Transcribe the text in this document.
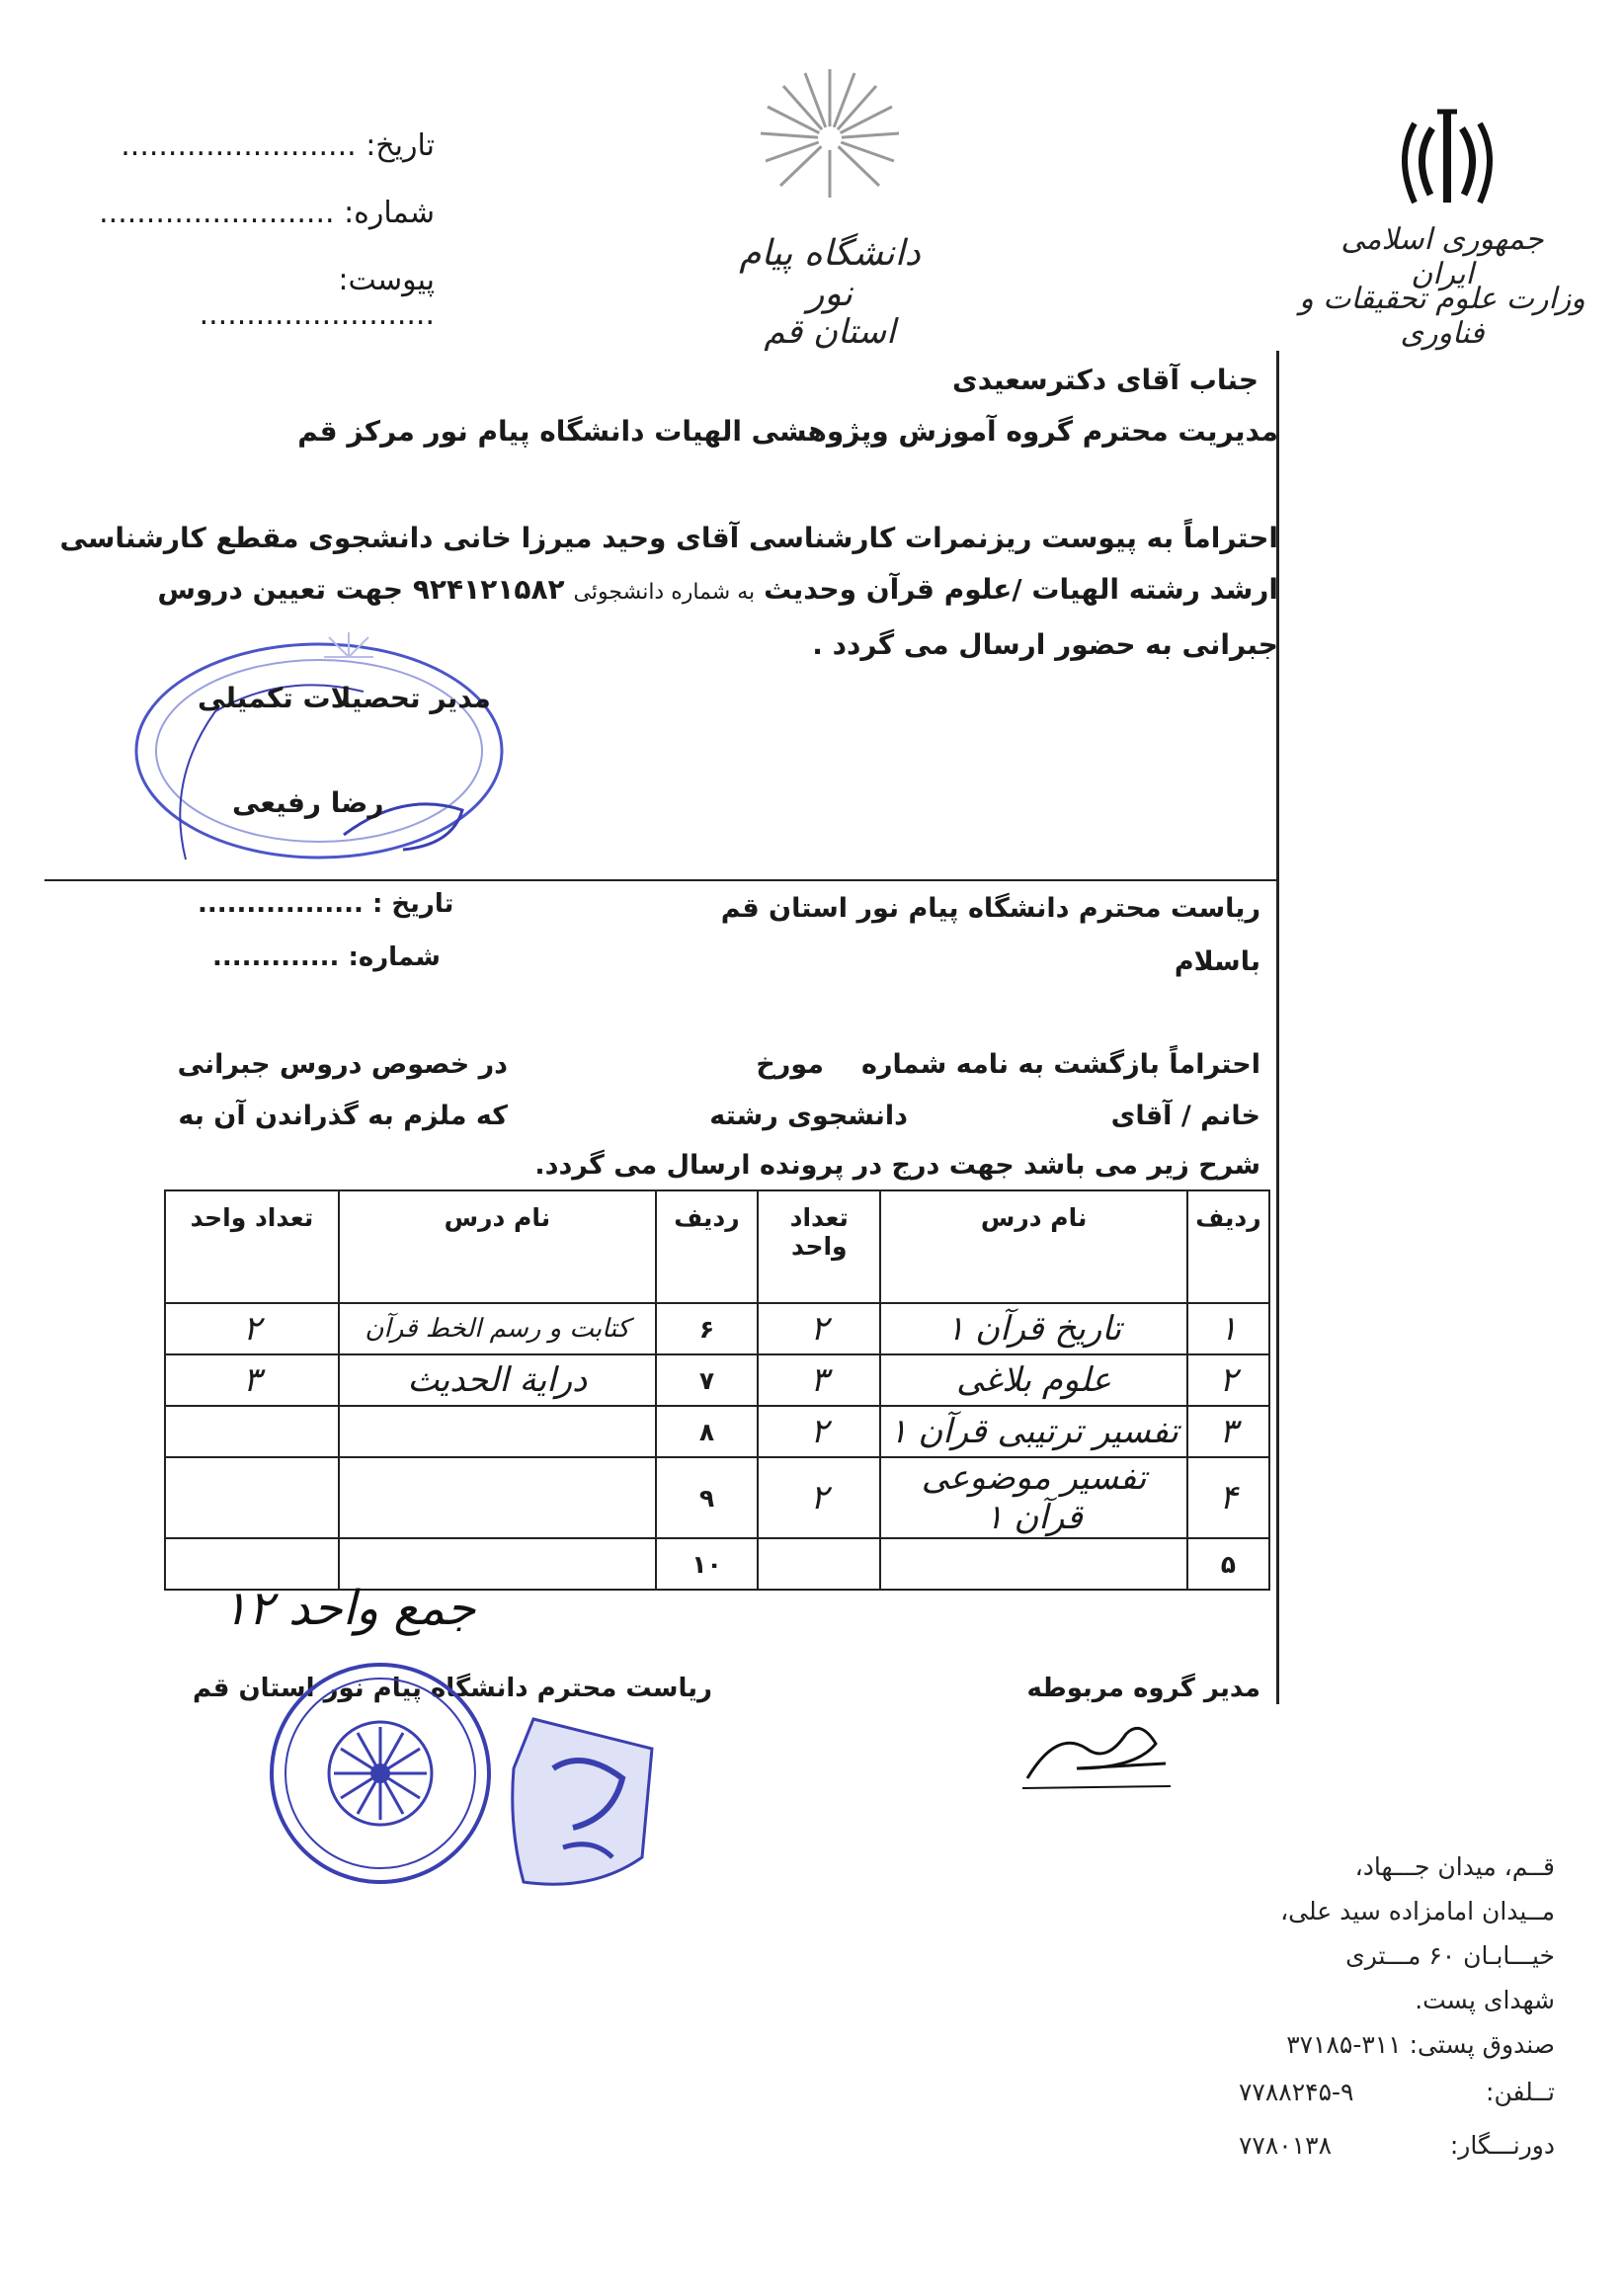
تاریخ: .........................
شماره: .........................
پیوست: .........................
دانشگاه پیام نور
استان قم
جمهوری اسلامی ایران
وزارت علوم تحقیقات و فناوری
جناب آقای دکترسعیدی
مدیریت محترم گروه آموزش وپژوهشی الهیات دانشگاه پیام نور مرکز قم
احتراماً به پیوست ریزنمرات کارشناسی آقای وحید میرزا خانی دانشجوی مقطع کارشناسی
ارشد رشته الهیات /علوم قرآن وحدیث به شماره دانشجوئی ۹۲۴۱۲۱۵۸۲ جهت تعیین دروس
جبرانی به حضور ارسال می گردد .
مدیر تحصیلات تکمیلی
رضا رفیعی
تاریخ : .................
شماره: .............
ریاست محترم دانشگاه پیام نور استان قم
باسلام
احتراماً بازگشت به نامه شماره
مورخ
در خصوص دروس جبرانی
خانم / آقای
دانشجوی رشته
که ملزم به گذراندن آن به
شرح زیر می باشد جهت درج در پرونده ارسال می گردد.
ردیف	نام درس	تعداد واحد	ردیف	نام درس	تعداد واحد
۱	تاریخ قرآن ۱	۲	۶	کتابت و رسم الخط قرآن	۲
۲	علوم بلاغی	۳	۷	درایة الحدیث	۳
۳	تفسیر ترتیبی قرآن ۱	۲	۸		
۴	تفسیر موضوعی قرآن ۱	۲	۹		
۵			۱۰		
جمع واحد ۱۲
مدیر گروه مربوطه
ریاست محترم دانشگاه پیام نور استان قم
قــم، میدان جـــهاد،
مــیدان امامزاده سید علی،
خیـــابـان ۶۰ مـــتری
شهدای پست.
صندوق پستی: ۳۱۱-۳۷۱۸۵
تــلفن:
۷۷۸۸۲۴۵-۹
دورنـــگار:
۷۷۸۰۱۳۸
